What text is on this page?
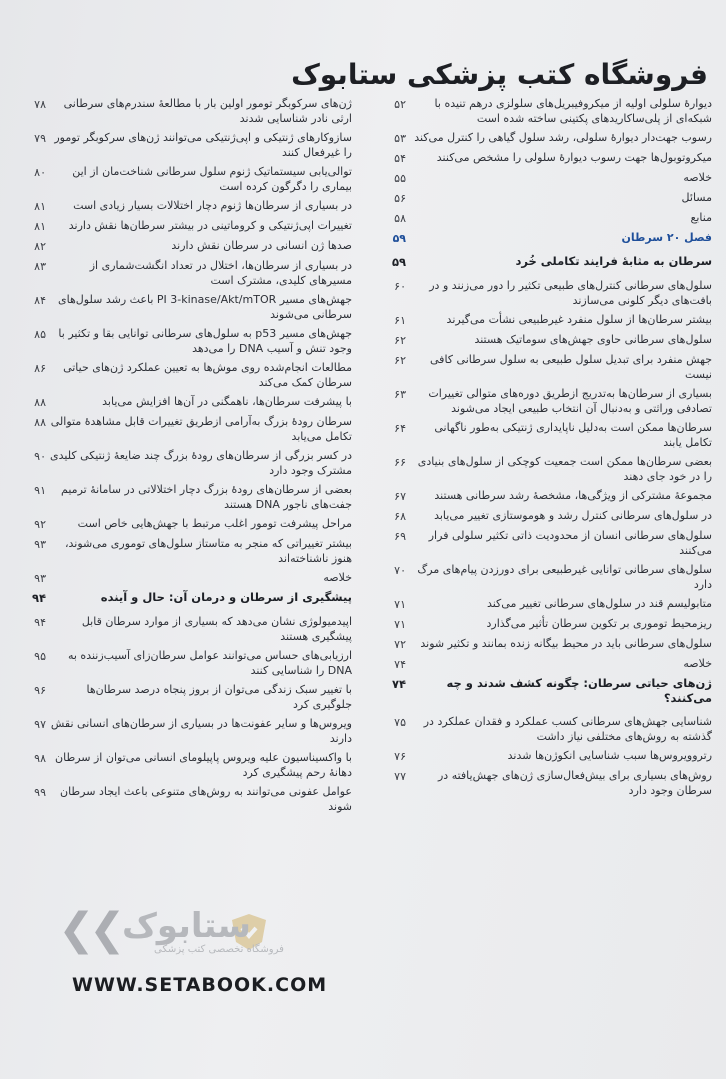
فروشگاه کتب پزشکی ستابوک
دیوارهٔ سلولی اولیه از میکروفیبریل‌های سلولزی درهم تنیده با شبکه‌ای از پلی‌ساکاریدهای پکتینی ساخته شده است
۵۲
رسوب جهت‌دار دیوارهٔ سلولی، رشد سلول گیاهی را کنترل می‌کند
۵۳
میکروتوبول‌ها جهت رسوب دیوارهٔ سلولی را مشخص می‌کنند
۵۴
خلاصه
۵۵
مسائل
۵۶
منابع
۵۸
فصل ۲۰ سرطان
۵۹
سرطان به مثابهٔ فرایند تکاملی خُرد
۵۹
سلول‌های سرطانی کنترل‌های طبیعی تکثیر را دور می‌زنند و در بافت‌های دیگر کلونی می‌سازند
۶۰
بیشتر سرطان‌ها از سلول منفرد غیرطبیعی نشأت می‌گیرند
۶۱
سلول‌های سرطانی حاوی جهش‌های سوماتیک هستند
۶۲
جهش منفرد برای تبدیل سلول طبیعی به سلول سرطانی کافی نیست
۶۲
بسیاری از سرطان‌ها به‌تدریج ازطریق دوره‌های متوالی تغییرات تصادفی وراثتی و به‌دنبال آن انتخاب طبیعی ایجاد می‌شوند
۶۳
سرطان‌ها ممکن است به‌دلیل ناپایداری ژنتیکی به‌طور ناگهانی تکامل یابند
۶۴
بعضی سرطان‌ها ممکن است جمعیت کوچکی از سلول‌های بنیادی را در خود جای دهند
۶۶
مجموعهٔ مشترکی از ویژگی‌ها، مشخصهٔ رشد سرطانی هستند
۶۷
در سلول‌های سرطانی کنترل رشد و هوموستازی تغییر می‌یابد
۶۸
سلول‌های سرطانی انسان از محدودیت ذاتی تکثیر سلولی فرار می‌کنند
۶۹
سلول‌های سرطانی توانایی غیرطبیعی برای دورزدن پیام‌های مرگ دارد
۷۰
متابولیسم قند در سلول‌های سرطانی تغییر می‌کند
۷۱
ریزمحیط توموری بر تکوین سرطان تأثیر می‌گذارد
۷۱
سلول‌های سرطانی باید در محیط بیگانه زنده بمانند و تکثیر شوند
۷۲
خلاصه
۷۴
ژن‌های حیاتی سرطان: چگونه کشف شدند و چه می‌کنند؟
۷۴
شناسایی جهش‌های سرطانی کسب عملکرد و فقدان عملکرد در گذشته به روش‌های مختلفی نیاز داشت
۷۵
رتروویروس‌ها سبب شناسایی انکوژن‌ها شدند
۷۶
روش‌های بسیاری برای بیش‌فعال‌سازی ژن‌های جهش‌یافته در سرطان وجود دارد
۷۷
ژن‌های سرکوبگر تومور اولین بار با مطالعهٔ سندرم‌های سرطانی ارثی نادر شناسایی شدند
۷۸
سازوکارهای ژنتیکی و اپی‌ژنتیکی می‌توانند ژن‌های سرکوبگر تومور را غیرفعال کنند
۷۹
توالی‌یابی سیستماتیک ژنوم سلول سرطانی شناخت‌مان از این بیماری را دگرگون کرده است
۸۰
در بسیاری از سرطان‌ها ژنوم دچار اختلالات بسیار زیادی است
۸۱
تغییرات اپی‌ژنتیکی و کروماتینی در بیشتر سرطان‌ها نقش دارند
۸۱
صدها ژن انسانی در سرطان نقش دارند
۸۲
در بسیاری از سرطان‌ها، اختلال در تعداد انگشت‌شماری از مسیرهای کلیدی، مشترک است
۸۳
جهش‌های مسیر PI 3-kinase/Akt/mTOR باعث رشد سلول‌های سرطانی می‌شوند
۸۴
جهش‌های مسیر p53 به سلول‌های سرطانی توانایی بقا و تکثیر با وجود تنش و آسیب DNA را می‌دهد
۸۵
مطالعات انجام‌شده روی موش‌ها به تعیین عملکرد ژن‌های حیاتی سرطان کمک می‌کند
۸۶
با پیشرفت سرطان‌ها، ناهمگنی در آن‌ها افزایش می‌یابد
۸۸
سرطان رودهٔ بزرگ به‌آرامی ازطریق تغییرات قابل مشاهدهٔ متوالی تکامل می‌یابد
۸۸
در کسر بزرگی از سرطان‌های رودهٔ بزرگ چند ضایعهٔ ژنتیکی کلیدی مشترک وجود دارد
۹۰
بعضی از سرطان‌های رودهٔ بزرگ دچار اختلالاتی در سامانهٔ ترمیم جفت‌های ناجور DNA هستند
۹۱
مراحل پیشرفت تومور اغلب مرتبط با جهش‌هایی خاص است
۹۲
بیشتر تغییراتی که منجر به متاستاز سلول‌های توموری می‌شوند، هنوز ناشناخته‌اند
۹۳
خلاصه
۹۳
پیشگیری از سرطان و درمان آن: حال و آینده
۹۴
اپیدمیولوژی نشان می‌دهد که بسیاری از موارد سرطان قابل پیشگیری هستند
۹۴
ارزیابی‌های حساس می‌توانند عوامل سرطان‌زای آسیب‌زننده به DNA را شناسایی کنند
۹۵
با تغییر سبک زندگی می‌توان از بروز پنجاه درصد سرطان‌ها جلوگیری کرد
۹۶
ویروس‌ها و سایر عفونت‌ها در بسیاری از سرطان‌های انسانی نقش دارند
۹۷
با واکسیناسیون علیه ویروس پاپیلومای انسانی می‌توان از سرطان دهانهٔ رحم پیشگیری کرد
۹۸
عوامل عفونی می‌توانند به روش‌های متنوعی باعث ایجاد سرطان شوند
۹۹
❮❮ ستابوک
فروشگاه تخصصی کتب پزشکی
WWW.SETABOOK.COM
